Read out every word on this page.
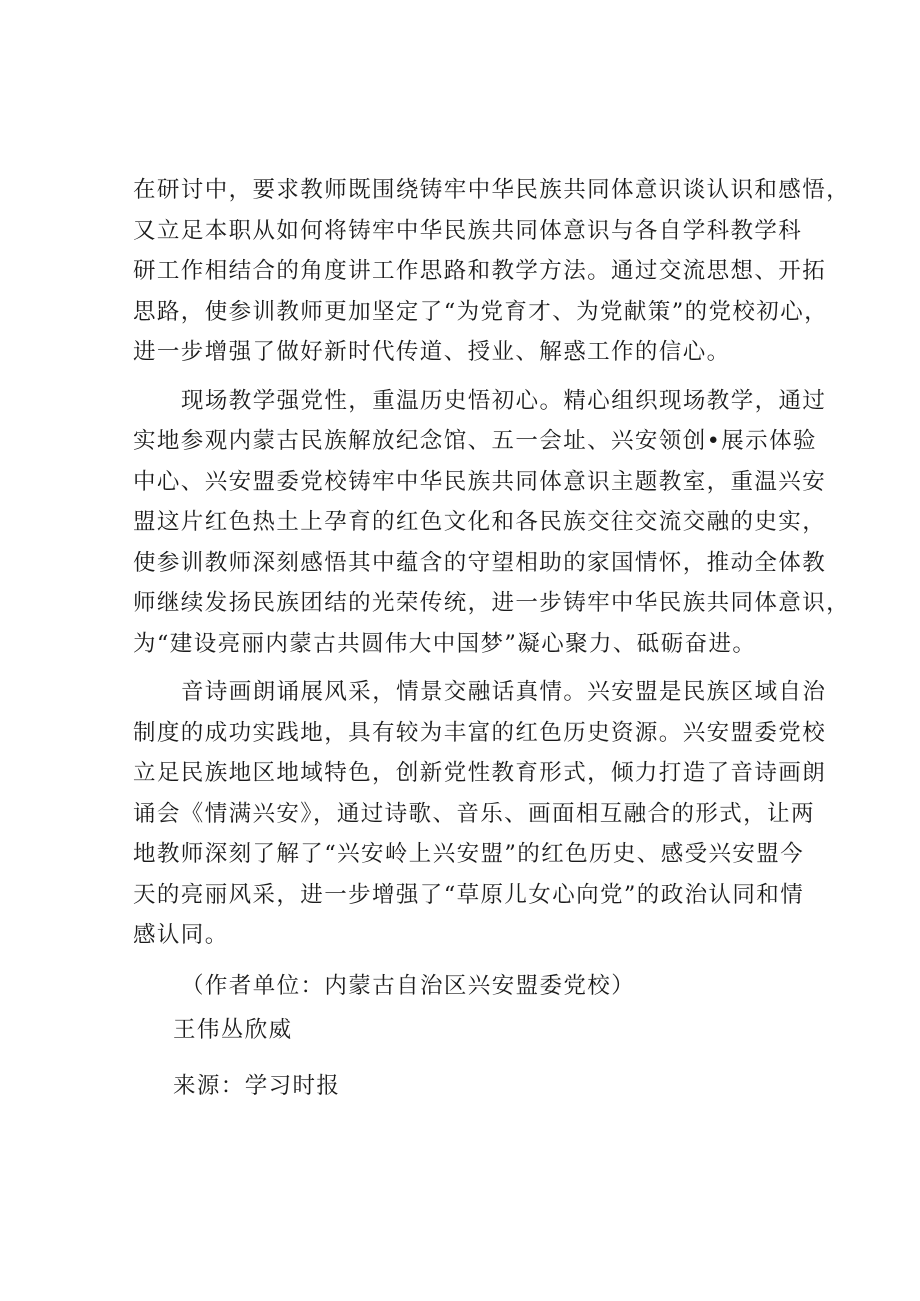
在研讨中，要求教师既围绕铸牢中华民族共同体意识谈认识和感悟，
又立足本职从如何将铸牢中华民族共同体意识与各自学科教学科
研工作相结合的角度讲工作思路和教学方法。通过交流思想、开拓
思路，使参训教师更加坚定了“为党育才、为党献策”的党校初心，
进一步增强了做好新时代传道、授业、解惑工作的信心。
现场教学强党性，重温历史悟初心。精心组织现场教学，通过
实地参观内蒙古民族解放纪念馆、五一会址、兴安领创•展示体验
中心、兴安盟委党校铸牢中华民族共同体意识主题教室，重温兴安
盟这片红色热土上孕育的红色文化和各民族交往交流交融的史实，
使参训教师深刻感悟其中蕴含的守望相助的家国情怀，推动全体教
师继续发扬民族团结的光荣传统，进一步铸牢中华民族共同体意识，
为“建设亮丽内蒙古共圆伟大中国梦”凝心聚力、砥砺奋进。
音诗画朗诵展风采，情景交融话真情。兴安盟是民族区域自治
制度的成功实践地，具有较为丰富的红色历史资源。兴安盟委党校
立足民族地区地域特色，创新党性教育形式，倾力打造了音诗画朗
诵会《情满兴安》，通过诗歌、音乐、画面相互融合的形式，让两
地教师深刻了解了“兴安岭上兴安盟”的红色历史、感受兴安盟今
天的亮丽风采，进一步增强了“草原儿女心向党”的政治认同和情
感认同。
（作者单位：内蒙古自治区兴安盟委党校）
王伟丛欣威
来源：学习时报
